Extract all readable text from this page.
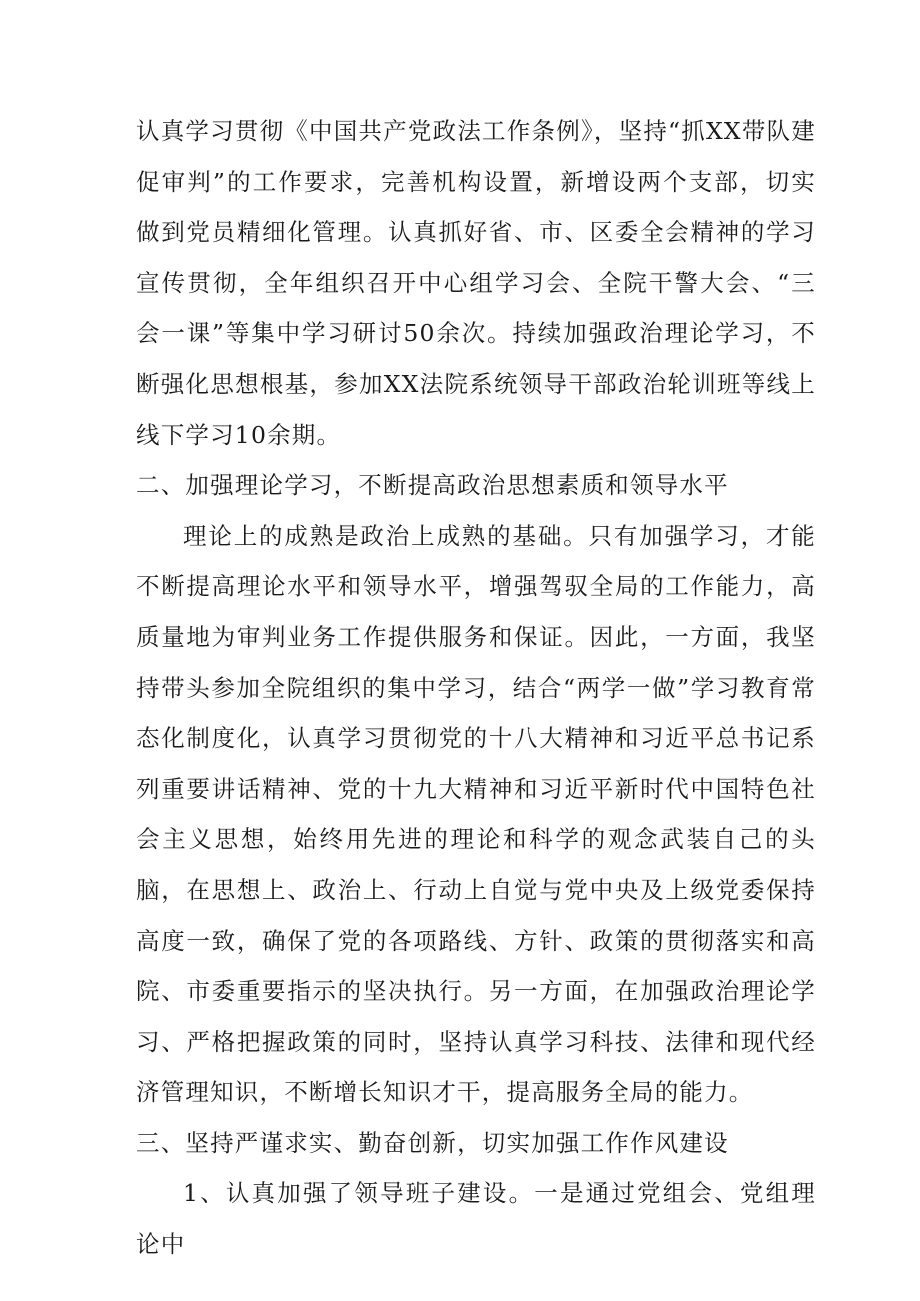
认真学习贯彻《中国共产党政法工作条例》，坚持“抓XX带队建促审判”的工作要求，完善机构设置，新增设两个支部，切实做到党员精细化管理。认真抓好省、市、区委全会精神的学习宣传贯彻，全年组织召开中心组学习会、全院干警大会、“三会一课”等集中学习研讨50余次。持续加强政治理论学习，不断强化思想根基，参加XX法院系统领导干部政治轮训班等线上线下学习10余期。

二、加强理论学习，不断提高政治思想素质和领导水平

理论上的成熟是政治上成熟的基础。只有加强学习，才能不断提高理论水平和领导水平，增强驾驭全局的工作能力，高质量地为审判业务工作提供服务和保证。因此，一方面，我坚持带头参加全院组织的集中学习，结合“两学一做”学习教育常态化制度化，认真学习贯彻党的十八大精神和习近平总书记系列重要讲话精神、党的十九大精神和习近平新时代中国特色社会主义思想，始终用先进的理论和科学的观念武装自己的头脑，在思想上、政治上、行动上自觉与党中央及上级党委保持高度一致，确保了党的各项路线、方针、政策的贯彻落实和高院、市委重要指示的坚决执行。另一方面，在加强政治理论学习、严格把握政策的同时，坚持认真学习科技、法律和现代经济管理知识，不断增长知识才干，提高服务全局的能力。

三、坚持严谨求实、勤奋创新，切实加强工作作风建设

1、认真加强了领导班子建设。一是通过党组会、党组理论中
